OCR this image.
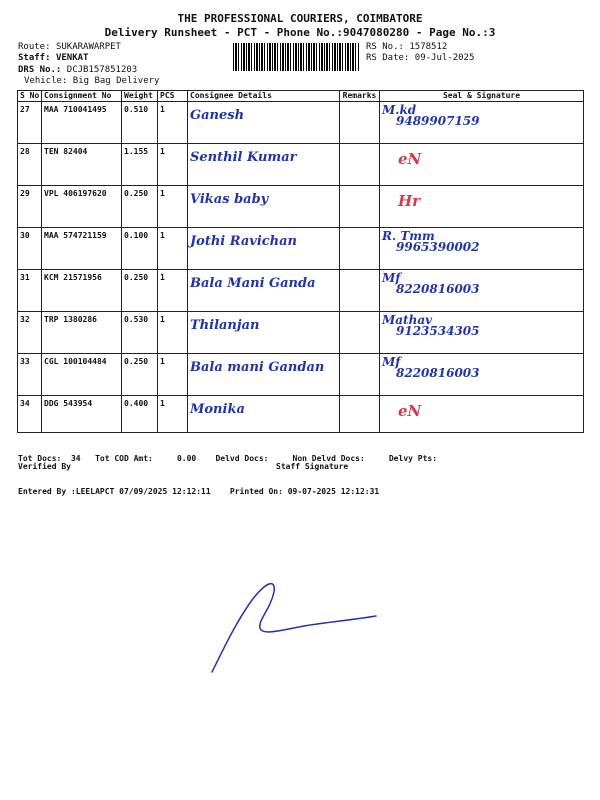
THE PROFESSIONAL COURIERS, COIMBATORE
Delivery Runsheet - PCT - Phone No.:9047080280 - Page No.:3
Route: SUKARAWARPET
Staff: VENKAT
DRS No.: DCJB157851203
Vehicle: Big Bag Delivery
RS No.: 1578512
RS Date: 09-Jul-2025
S No	Consignment No	Weight	PCS	Consignee Details	Remarks	Seal & Signature
27	MAA 710041495	0.510	1	Ganesh		M.kd
9489907159

28	TEN 82404	1.155	1	Senthil Kumar		eN

29	VPL 406197620	0.250	1	Vikas baby		Hr

30	MAA 574721159	0.100	1	Jothi Ravichan		R. Tmm
9965390002

31	KCM 21571956	0.250	1	Bala Mani Ganda		Mf
8220816003

32	TRP 1380286	0.530	1	Thilanjan		Mathav
9123534305

33	CGL 100104484	0.250	1	Bala mani Gandan		Mf
8220816003

34	DDG 543954	0.400	1	Monika		eN

Tot Docs:  34   Tot COD Amt:     0.00    Delvd Docs:     Non Delvd Docs:     Delvy Pts:

Entered By :LEELAPCT 07/09/2025 12:12:11    Printed On: 09-07-2025 12:12:31

Verified By	Staff Signature
